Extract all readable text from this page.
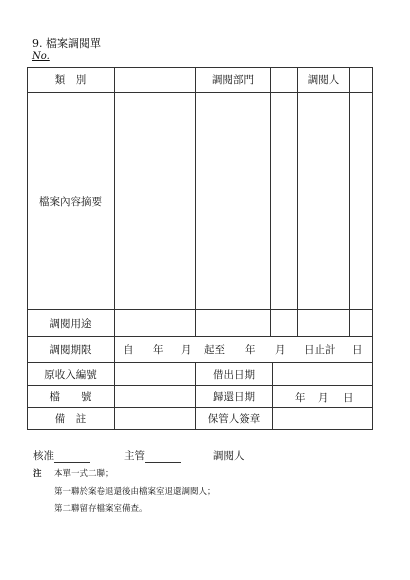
9. 檔案調閱單
No.
類　別	調閱部門	調閱人
檔案內容摘要
調閱用途
調閱期限	自 年 月 起至 年 月 日止計 日
原收入編號	借出日期
檔　　號	歸還日期	年 月 日
備　註	保管人簽章
核准	主管	調閱人
注 本單一式二聯；
第一聯於案卷退還後由檔案室退還調閱人；
第二聯留存檔案室備查。
